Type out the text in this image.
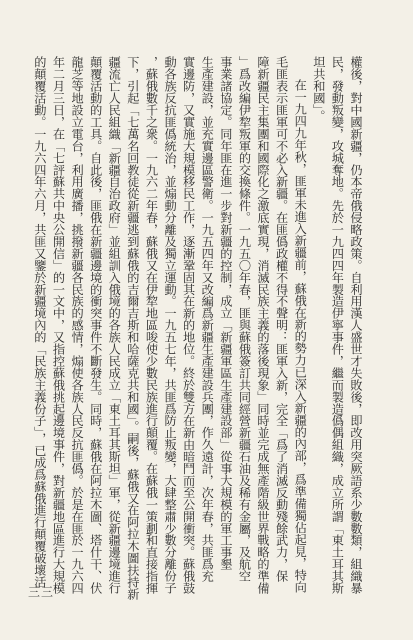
權後，對中國新疆，仍本帝俄侵略政策。自利用漢人盛世才失敗後，即改用突厥語系少數數類，組織暴
民，發動叛變，攻城奪地。先於一九四四年製造伊寧事件，繼而製造僞偶組織，成立所謂「東土耳其斯
坦共和國」。
在一九四九年秋，匪軍未進入新疆前，蘇俄在新的勢力已深入新疆的內部，爲準備獨佔起見，特向
毛匪表示匪軍可不必入新疆。在匪僞政權不得不聲明：匪軍入新，完全「爲了消滅反動殘餘武力，保
障新疆民主集團和國際化之激底實現，消滅民族主義的落後現象」同時並完成無產階級世界戰略的準備
」爲改編伊犂叛軍的交換條件。一九五〇年春，匪與蘇俄簽訂共同經營新疆石油及稀有金屬，及航空
事業諸協定。同年匪在進一步對新疆的控制，成立「新疆軍區生產建設部」從事大規模的軍工事墾
生產建設，並充實邊區警衛。一九五四年又改編爲新疆生產建設兵團，作久遠計，次年春，共匪爲充
實邊防，又實施大規模移民工作，逐漸鞏固其在新的地位。終於雙方在新由暗鬥而至公開衝突。蘇俄鼓
動各族反抗匪僞統治，並煽動分離及獨立運動。一九五七年，共匪爲防止叛變，大肆整肅少數分離份子
，蘇俄數千之衆。一九六二年春，蘇俄又在伊犂地區唆使少數民族進行顛覆。在蘇俄一策劃和直接指揮
下，引起「七萬名回教徒從新疆逃到蘇俄的吉爾吉斯和哈薩克共和國」。嗣後，蘇俄又在阿拉木圖扶持新
疆流亡人民組織「新疆自治政府」並組訓入俄境的各族人民成立「東土耳其斯坦」軍，從新疆邊境進行
顛覆活動的工具。自此後，匪俄在新疆邊境的衝突事件不斷發生。同時，蘇俄在阿拉木圖、塔什干、伏
龍芝等地設立電台，利用廣播，挑撥新疆各民族的感情，煽使各族人民反抗匪僞。於是在匪於一九六四
年二月三日，在「七評蘇共中央公開信」的一文中，又指控蘇俄挑起邊境事件，對新疆地區進行大規模
的顛覆活動。一九六四年六月，共匪又鑒於新疆境內的「民族主義份子」，已成爲蘇俄進行顛覆破壞活
三三
